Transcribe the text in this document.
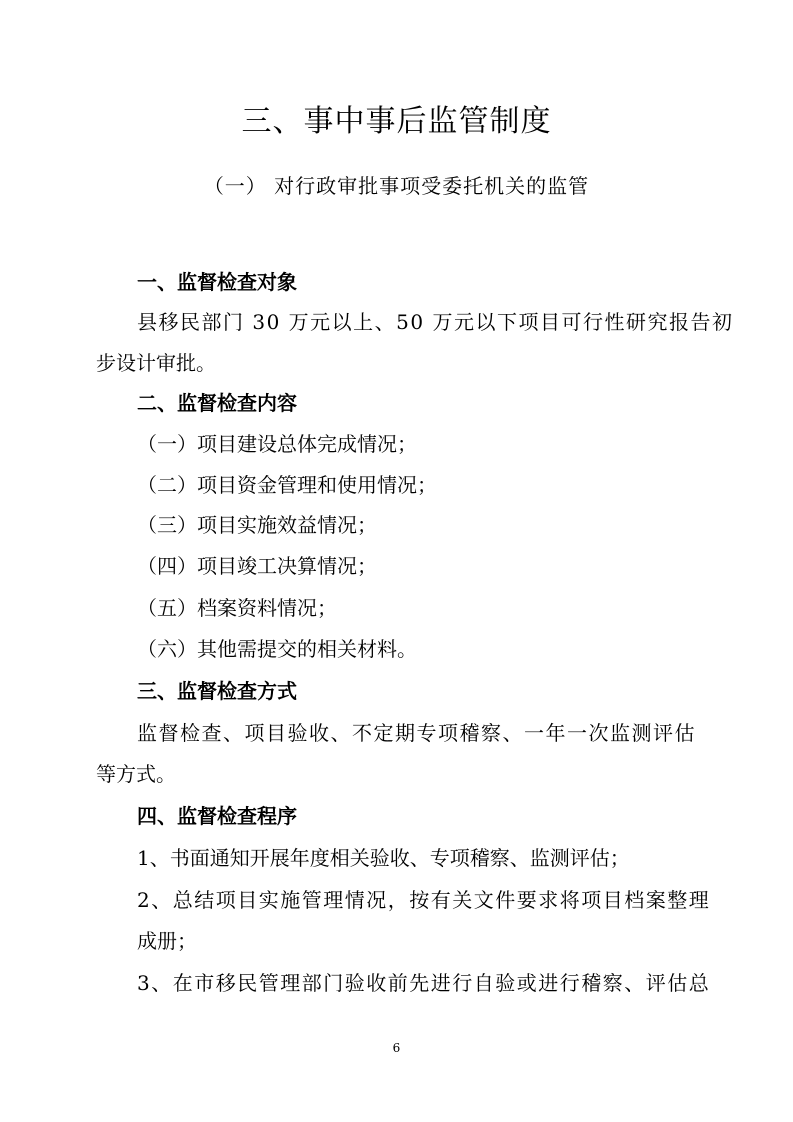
三、事中事后监管制度
（一） 对行政审批事项受委托机关的监管
一、监督检查对象
县移民部门 30 万元以上、50 万元以下项目可行性研究报告初
步设计审批。
二、监督检查内容
（一）项目建设总体完成情况；
（二）项目资金管理和使用情况；
（三）项目实施效益情况；
（四）项目竣工决算情况；
（五）档案资料情况；
（六）其他需提交的相关材料。
三、监督检查方式
监督检查、项目验收、不定期专项稽察、一年一次监测评估
等方式。
四、监督检查程序
1、书面通知开展年度相关验收、专项稽察、监测评估；
2、总结项目实施管理情况，按有关文件要求将项目档案整理
成册；
3、在市移民管理部门验收前先进行自验或进行稽察、评估总
6
